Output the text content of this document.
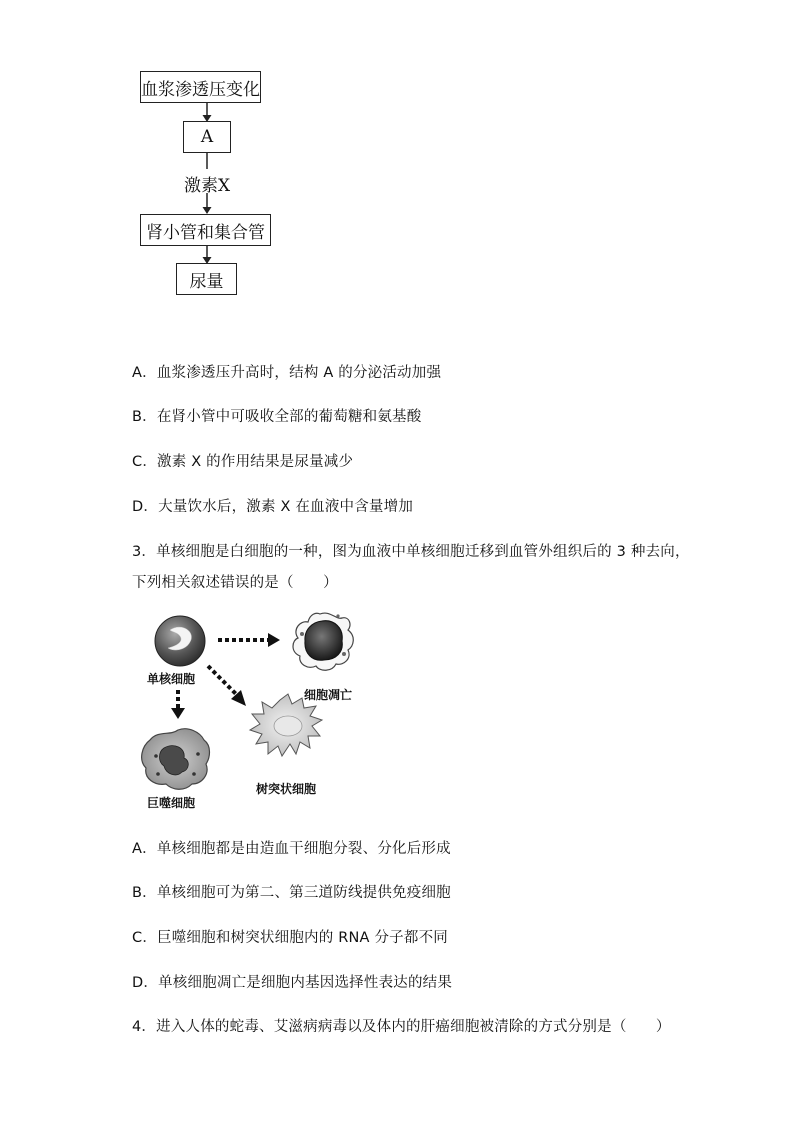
血浆渗透压变化
A
激素X
肾小管和集合管
尿量
A．血浆渗透压升高时，结构 A 的分泌活动加强
B．在肾小管中可吸收全部的葡萄糖和氨基酸
C．激素 X 的作用结果是尿量减少
D．大量饮水后，激素 X 在血液中含量增加
3．单核细胞是白细胞的一种，图为血液中单核细胞迁移到血管外组织后的 3 种去向，
下列相关叙述错误的是（　　）
单核细胞
细胞凋亡
树突状细胞
巨噬细胞
A．单核细胞都是由造血干细胞分裂、分化后形成
B．单核细胞可为第二、第三道防线提供免疫细胞
C．巨噬细胞和树突状细胞内的 RNA 分子都不同
D．单核细胞凋亡是细胞内基因选择性表达的结果
4．进入人体的蛇毒、艾滋病病毒以及体内的肝癌细胞被清除的方式分别是（　　）
